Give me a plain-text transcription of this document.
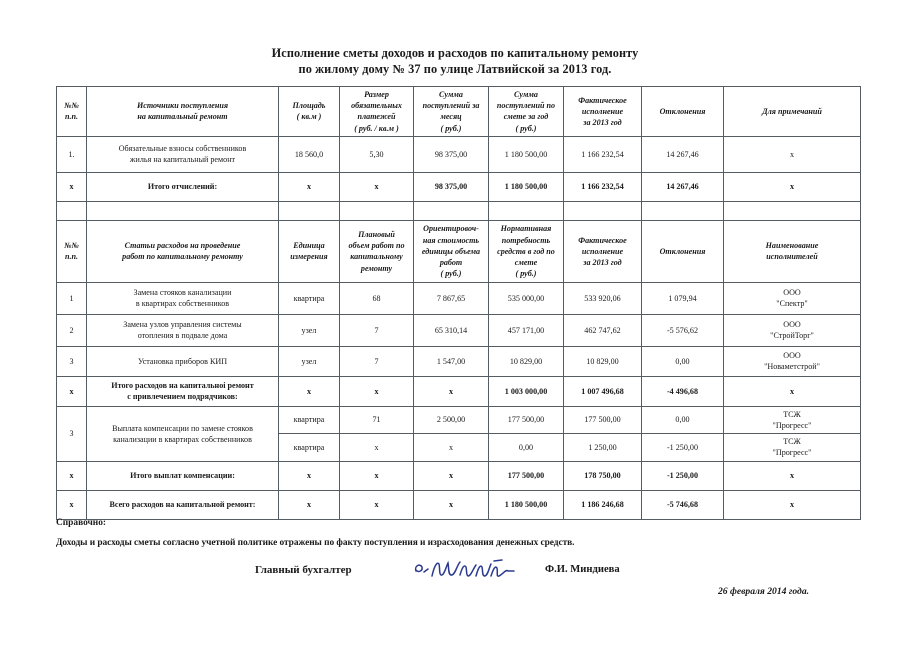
Исполнение сметы доходов и расходов по капитальному ремонту
по жилому дому № 37 по улице Латвийской за 2013 год.
№№
п.п.	Источники поступления
на капитальный ремонт	Площадь
( кв.м )	Размер
обязательных
платежей
( руб. / кв.м )	Сумма
поступлений за
месяц
( руб.)	Сумма
поступлений по
смете за год
( руб.)	Фактическое
исполнение
за 2013 год	Отклонения	Для примечаний
1.	Обязательные взносы собственников
жилья на капитальный ремонт	18 560,0	5,30	98 375,00	1 180 500,00	1 166 232,54	14 267,46	x
x	Итого отчислений:	x	x	98 375,00	1 180 500,00	1 166 232,54	14 267,46	x

№№
п.п.	Статьи расходов на проведение
работ по капитальному ремонту	Единица
измерения	Плановый
объем работ по
капитальному
ремонту	Ориентировоч-
ная стоимость
единицы объема
работ
( руб.)	Нормативная
потребность
средств в год по
смете
( руб.)	Фактическое
исполнение
за 2013 год	Отклонения	Наименование
исполнителей

1	Замена стояков канализации
в квартирах собственников	квартира	68	7 867,65	535 000,00	533 920,06	1 079,94	ООО
"Спектр"

2	Замена узлов управления системы
отопления в подвале дома	узел	7	65 310,14	457 171,00	462 747,62	-5 576,62	ООО
"СтройТорг"

3	Установка приборов КИП	узел	7	1 547,00	10 829,00	10 829,00	0,00	ООО
"Новаметстрой"

x	Итого расходов на капитальноі ремонт
с привлечением подрядчиков:	x	x	x	1 003 000,00	1 007 496,68	-4 496,68	x
3	Выплата компенсации по замене стояков
канализации в квартирах собственников	квартира	71	2 500,00	177 500,00	177 500,00	0,00	ТСЖ
"Прогресс"

		квартира	x	x	0,00	1 250,00	-1 250,00	ТСЖ
"Прогресс"

x	Итого выплат компенсации:	x	x	x	177 500,00	178 750,00	-1 250,00	x
x	Всего расходов на капитальной ремонт:	x	x	x	1 180 500,00	1 186 246,68	-5 746,68	x
Справочно:
Доходы и расходы сметы согласно учетной политике отражены по факту поступления и израсходования денежных средств.
Главный бухгалтер	Ф.И. Миндиева
26 февраля 2014 года.
